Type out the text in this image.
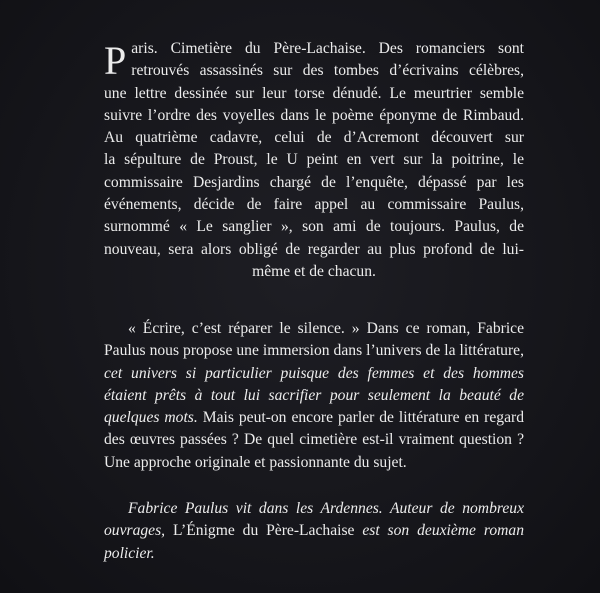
P aris. Cimetière du Père-Lachaise. Des romanciers sont
retrouvés assassinés sur des tombes d’écrivains célèbres,
une lettre dessinée sur leur torse dénudé. Le meurtrier semble
suivre l’ordre des voyelles dans le poème éponyme de Rimbaud.
Au quatrième cadavre, celui de d’Acremont découvert sur
la sépulture de Proust, le U peint en vert sur la poitrine, le
commissaire Desjardins chargé de l’enquête, dépassé par les
événements, décide de faire appel au commissaire Paulus,
surnommé « Le sanglier », son ami de toujours. Paulus, de
nouveau, sera alors obligé de regarder au plus profond de lui-
même et de chacun.

« Écrire, c’est réparer le silence. » Dans ce roman, Fabrice Paulus nous propose une immersion dans l’univers de la littérature, cet univers si particulier puisque des femmes et des hommes étaient prêts à tout lui sacrifier pour seulement la beauté de quelques mots. Mais peut-on encore parler de littérature en regard des œuvres passées ? De quel cimetière est-il vraiment question ? Une approche originale et passionnante du sujet.

Fabrice Paulus vit dans les Ardennes. Auteur de nombreux ouvrages, L’Énigme du Père-Lachaise est son deuxième roman policier.
